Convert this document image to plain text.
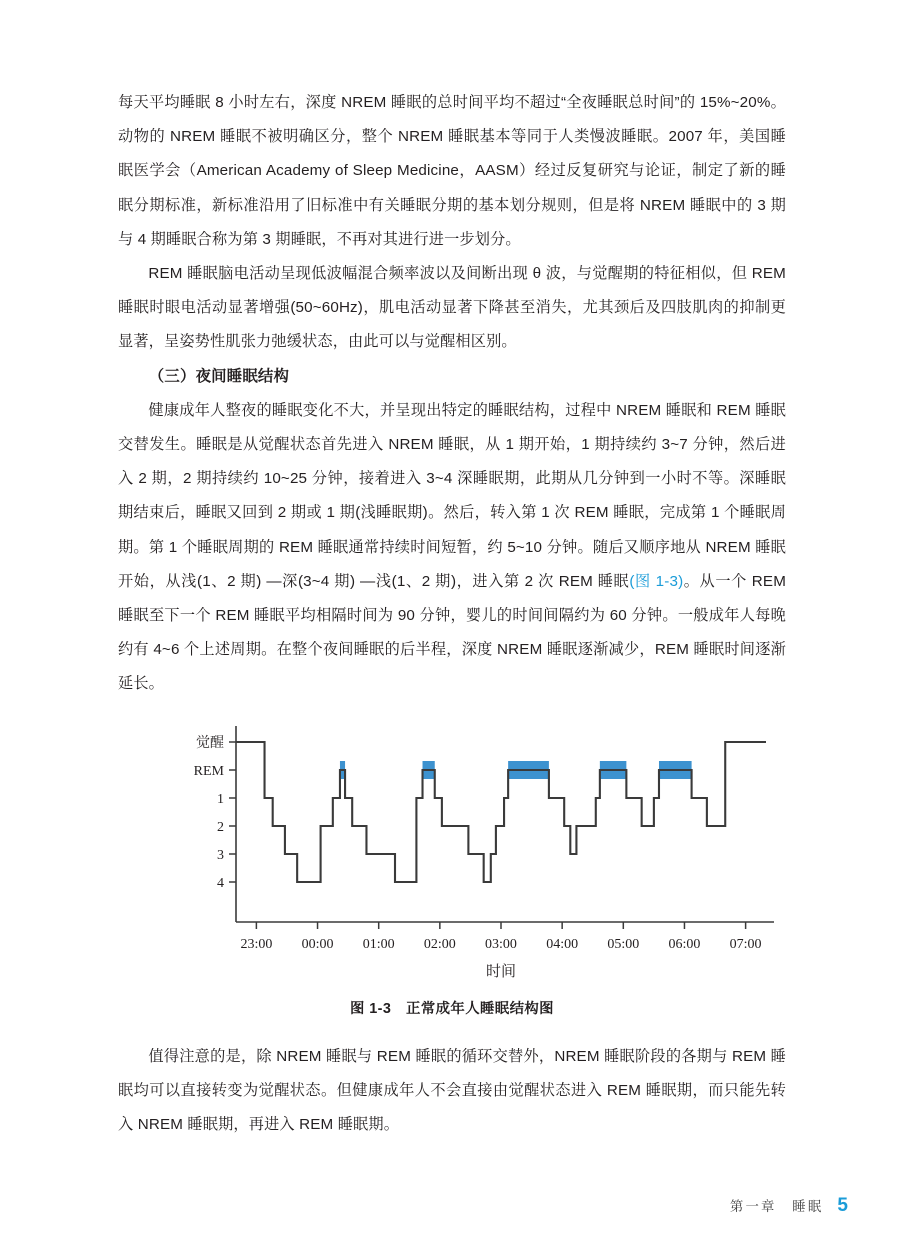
每天平均睡眠 8 小时左右，深度 NREM 睡眠的总时间平均不超过“全夜睡眠总时间”的 15%~20%。动物的 NREM 睡眠不被明确区分，整个 NREM 睡眠基本等同于人类慢波睡眠。2007 年，美国睡眠医学会（American Academy of Sleep Medicine，AASM）经过反复研究与论证，制定了新的睡眠分期标准，新标准沿用了旧标准中有关睡眠分期的基本划分规则，但是将 NREM 睡眠中的 3 期与 4 期睡眠合称为第 3 期睡眠，不再对其进行进一步划分。

REM 睡眠脑电活动呈现低波幅混合频率波以及间断出现 θ 波，与觉醒期的特征相似，但 REM 睡眠时眼电活动显著增强(50~60Hz)，肌电活动显著下降甚至消失，尤其颈后及四肢肌肉的抑制更显著，呈姿势性肌张力弛缓状态，由此可以与觉醒相区别。

（三）夜间睡眠结构

健康成年人整夜的睡眠变化不大，并呈现出特定的睡眠结构，过程中 NREM 睡眠和 REM 睡眠交替发生。睡眠是从觉醒状态首先进入 NREM 睡眠，从 1 期开始，1 期持续约 3~7 分钟，然后进入 2 期，2 期持续约 10~25 分钟，接着进入 3~4 深睡眠期，此期从几分钟到一小时不等。深睡眠期结束后，睡眠又回到 2 期或 1 期(浅睡眠期)。然后，转入第 1 次 REM 睡眠，完成第 1 个睡眠周期。第 1 个睡眠周期的 REM 睡眠通常持续时间短暂，约 5~10 分钟。随后又顺序地从 NREM 睡眠开始，从浅(1、2 期) —深(3~4 期) —浅(1、2 期)，进入第 2 次 REM 睡眠(图 1-3)。从一个 REM 睡眠至下一个 REM 睡眠平均相隔时间为 90 分钟，婴儿的时间间隔约为 60 分钟。一般成年人每晚约有 4~6 个上述周期。在整个夜间睡眠的后半程，深度 NREM 睡眠逐渐减少，REM 睡眠时间逐渐延长。

觉醒
REM
1
2
3
4
23:00 00:00 01:00 02:00 03:00 04:00 05:00 06:00 07:00
时间
图 1-3　 正常成年人睡眠结构图

值得注意的是，除 NREM 睡眠与 REM 睡眠的循环交替外，NREM 睡眠阶段的各期与 REM 睡眠均可以直接转变为觉醒状态。但健康成年人不会直接由觉醒状态进入 REM 睡眠期，而只能先转入 NREM 睡眠期，再进入 REM 睡眠期。

第一章　睡眠 5
